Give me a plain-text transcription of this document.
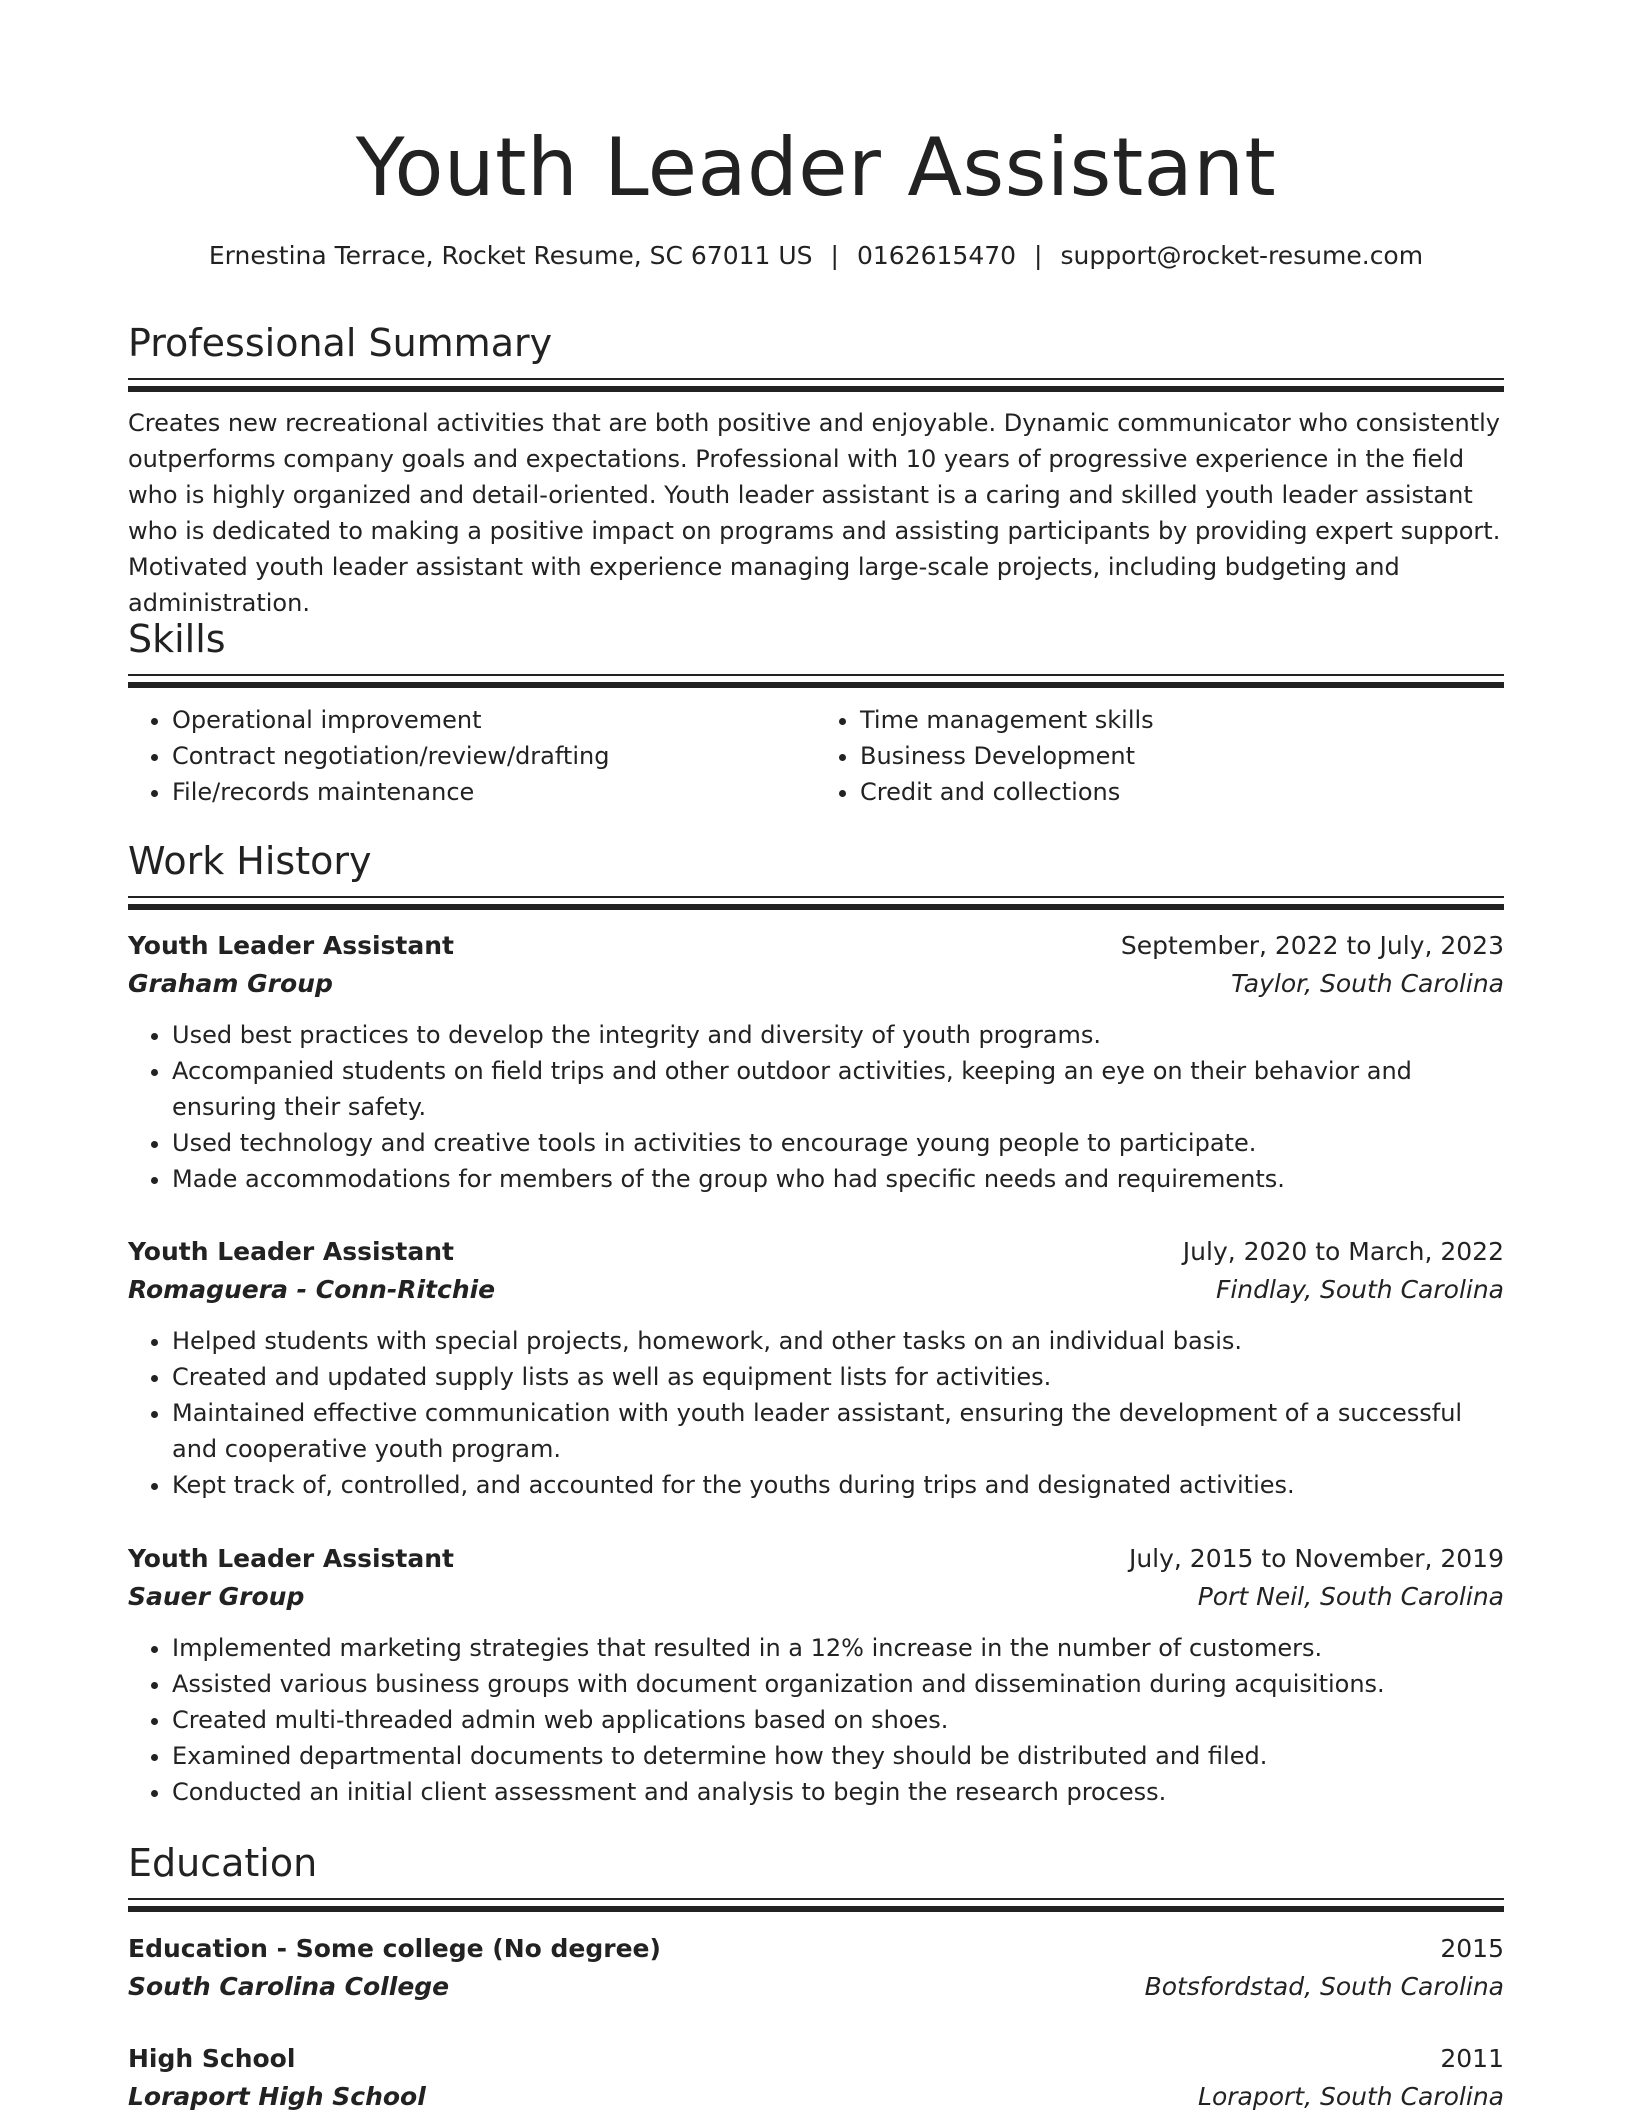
Youth Leader Assistant
Ernestina Terrace, Rocket Resume, SC 67011 US | 0162615470 | support@rocket-resume.com
Professional Summary
Creates new recreational activities that are both positive and enjoyable. Dynamic communicator who consistently outperforms company goals and expectations. Professional with 10 years of progressive experience in the field who is highly organized and detail-oriented. Youth leader assistant is a caring and skilled youth leader assistant who is dedicated to making a positive impact on programs and assisting participants by providing expert support. Motivated youth leader assistant with experience managing large-scale projects, including budgeting and administration.
Skills
• Operational improvement
• Contract negotiation/review/drafting
• File/records maintenance
• Time management skills
• Business Development
• Credit and collections
Work History
Youth Leader Assistant	September, 2022 to July, 2023
Graham Group	Taylor, South Carolina
• Used best practices to develop the integrity and diversity of youth programs.
• Accompanied students on field trips and other outdoor activities, keeping an eye on their behavior and ensuring their safety.
• Used technology and creative tools in activities to encourage young people to participate.
• Made accommodations for members of the group who had specific needs and requirements.
Youth Leader Assistant	July, 2020 to March, 2022
Romaguera - Conn-Ritchie	Findlay, South Carolina
• Helped students with special projects, homework, and other tasks on an individual basis.
• Created and updated supply lists as well as equipment lists for activities.
• Maintained effective communication with youth leader assistant, ensuring the development of a successful and cooperative youth program.
• Kept track of, controlled, and accounted for the youths during trips and designated activities.
Youth Leader Assistant	July, 2015 to November, 2019
Sauer Group	Port Neil, South Carolina
• Implemented marketing strategies that resulted in a 12% increase in the number of customers.
• Assisted various business groups with document organization and dissemination during acquisitions.
• Created multi-threaded admin web applications based on shoes.
• Examined departmental documents to determine how they should be distributed and filed.
• Conducted an initial client assessment and analysis to begin the research process.
Education
Education - Some college (No degree)	2015
South Carolina College	Botsfordstad, South Carolina
High School	2011
Loraport High School	Loraport, South Carolina
